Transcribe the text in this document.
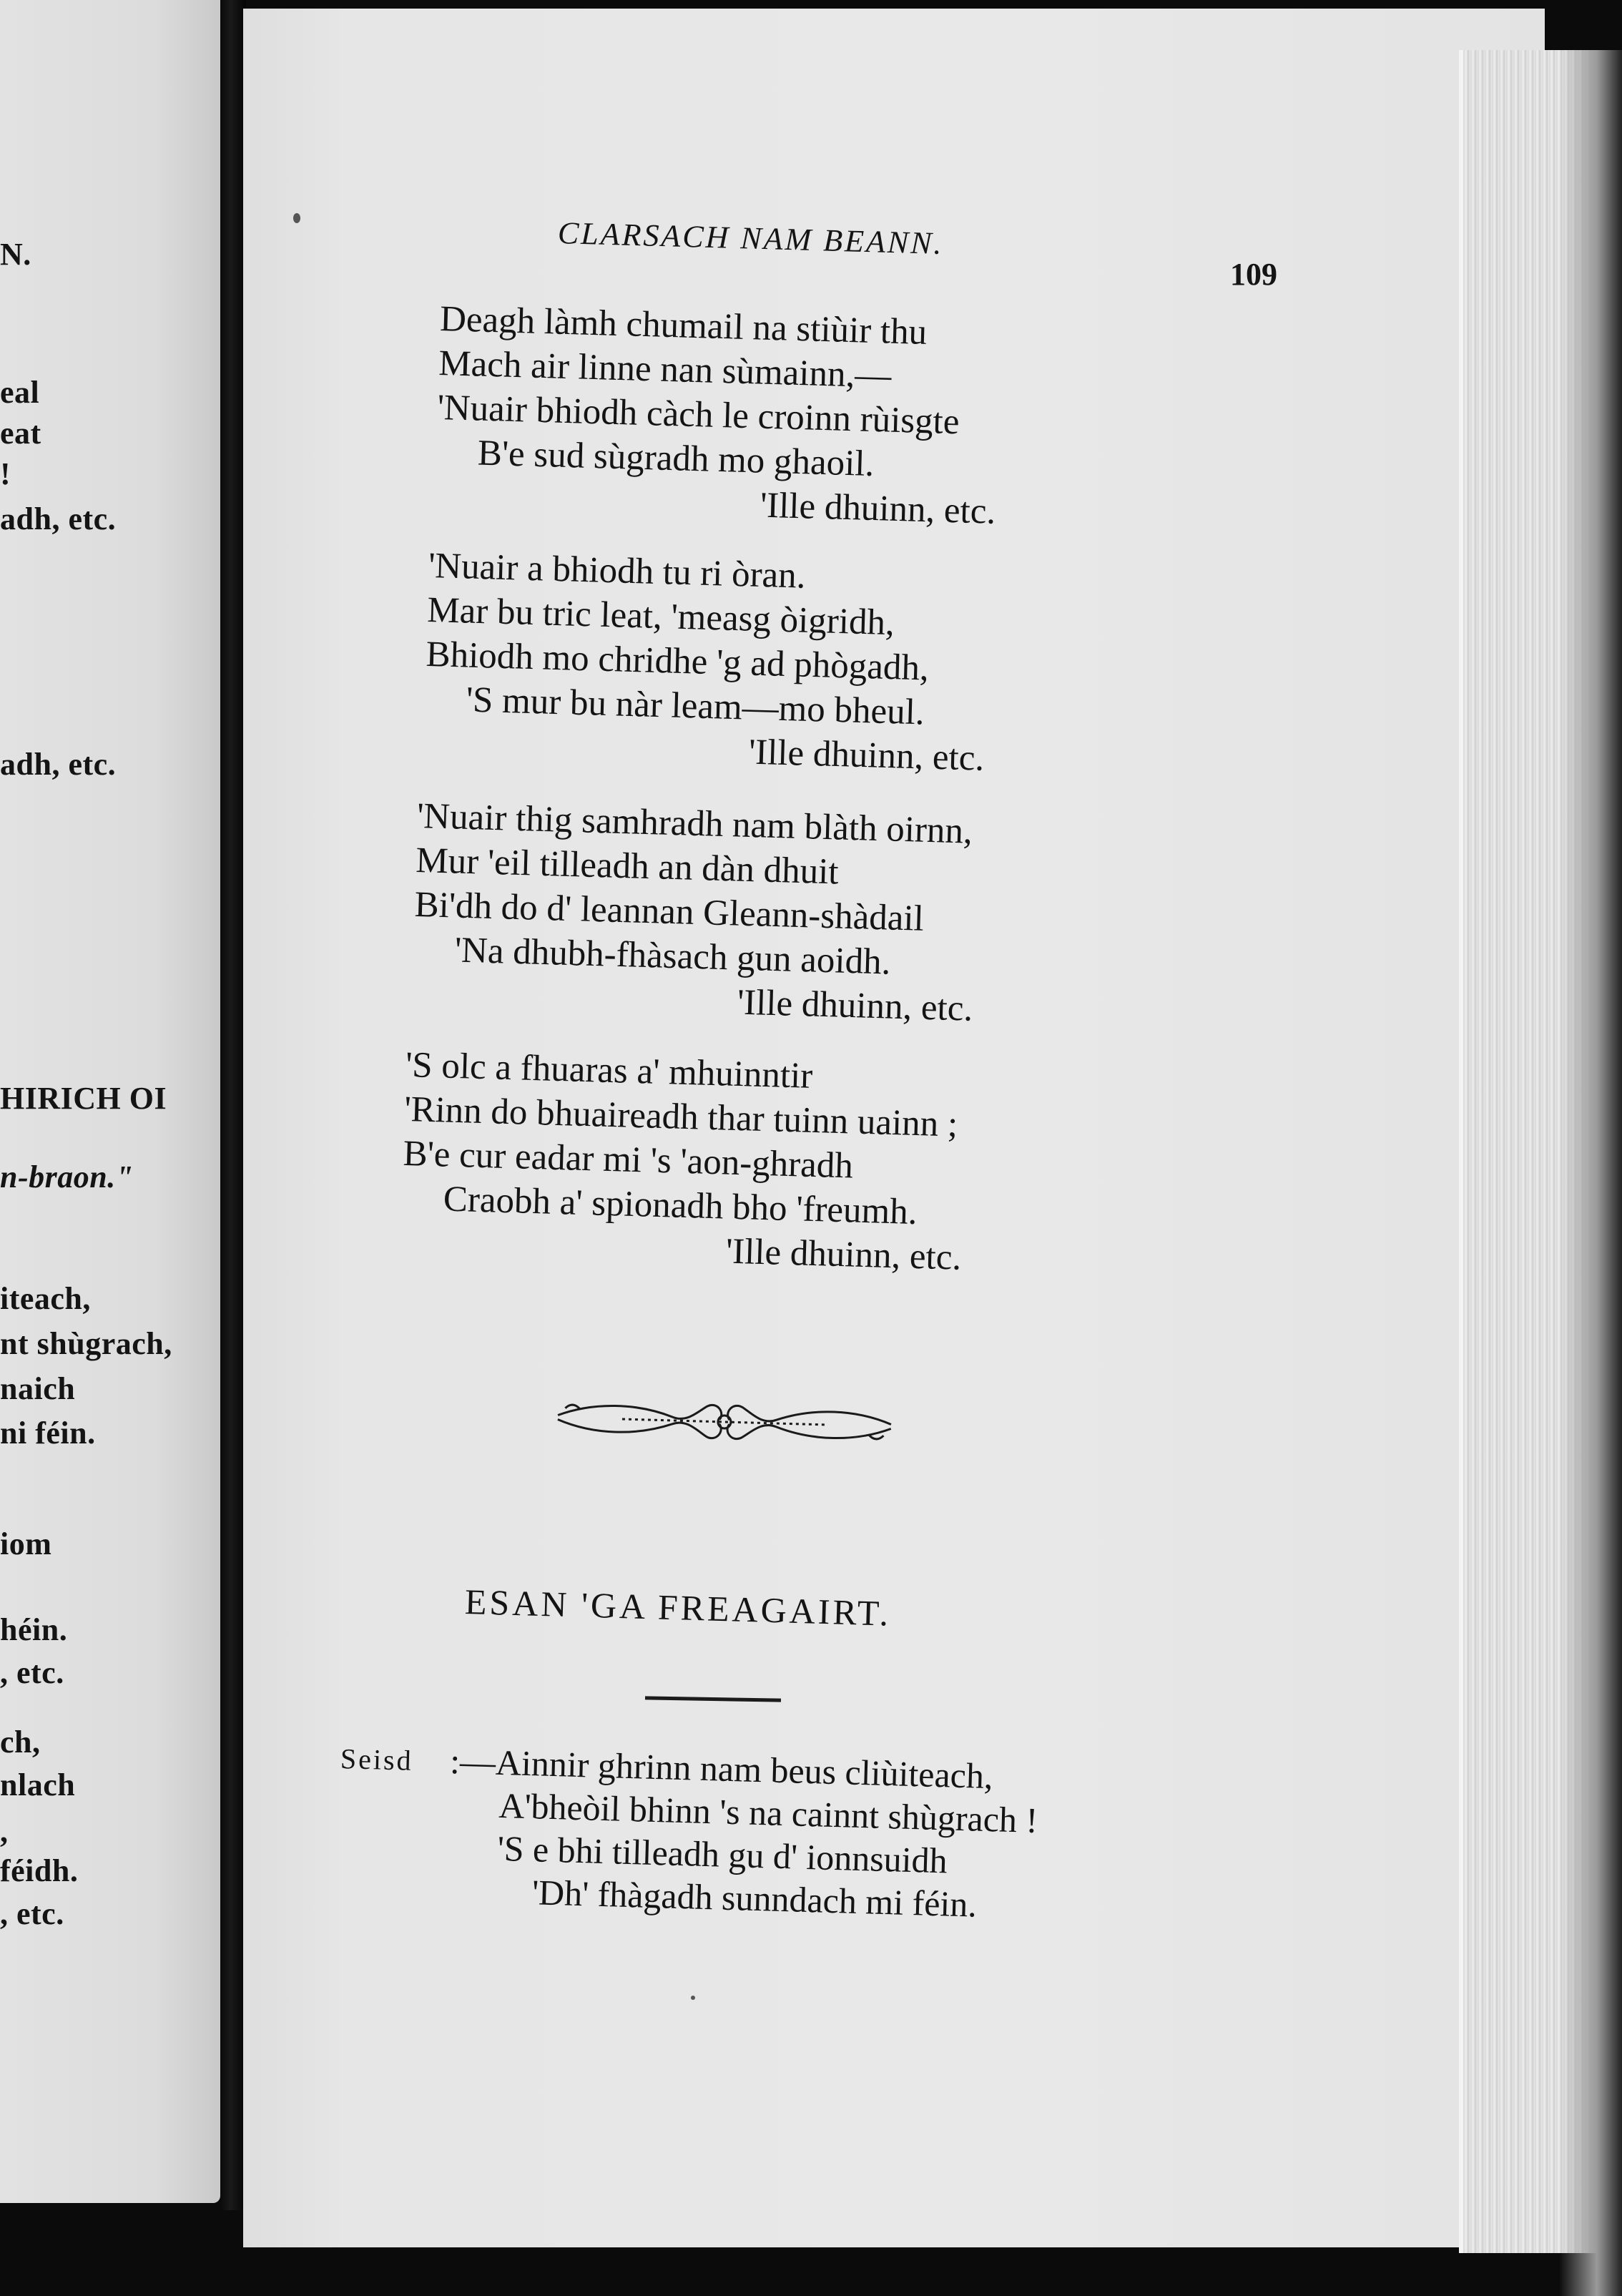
N.
eal
eat
!
adh, etc.
adh, etc.
HIRICH OI
n-braon."
iteach,
nt shùgrach,
naich
ni féin.
iom
héin.
, etc.
ch,
nlach
,
féidh.
, etc.
CLARSACH NAM BEANN.
109
Deagh làmh chumail na stiùir thu
Mach air linne nan sùmainn,—
'Nuair bhiodh càch le croinn rùisgte
B'e sud sùgradh mo ghaoil.
'Ille dhuinn, etc.
'Nuair a bhiodh tu ri òran.
Mar bu tric leat, 'measg òigridh,
Bhiodh mo chridhe 'g ad phògadh,
'S mur bu nàr leam—mo bheul.
'Ille dhuinn, etc.
'Nuair thig samhradh nam blàth oirnn,
Mur 'eil tilleadh an dàn dhuit
Bi'dh do d' leannan Gleann-shàdail
'Na dhubh-fhàsach gun aoidh.
'Ille dhuinn, etc.
'S olc a fhuaras a' mhuinntir
'Rinn do bhuaireadh thar tuinn uainn ;
B'e cur eadar mi 's 'aon-ghradh
Craobh a' spionadh bho 'freumh.
'Ille dhuinn, etc.
ESAN 'GA FREAGAIRT.
Seisd :—Ainnir ghrinn nam beus cliùiteach,
A'bheòil bhinn 's na cainnt shùgrach !
'S e bhi tilleadh gu d' ionnsuidh
'Dh' fhàgadh sunndach mi féin.
